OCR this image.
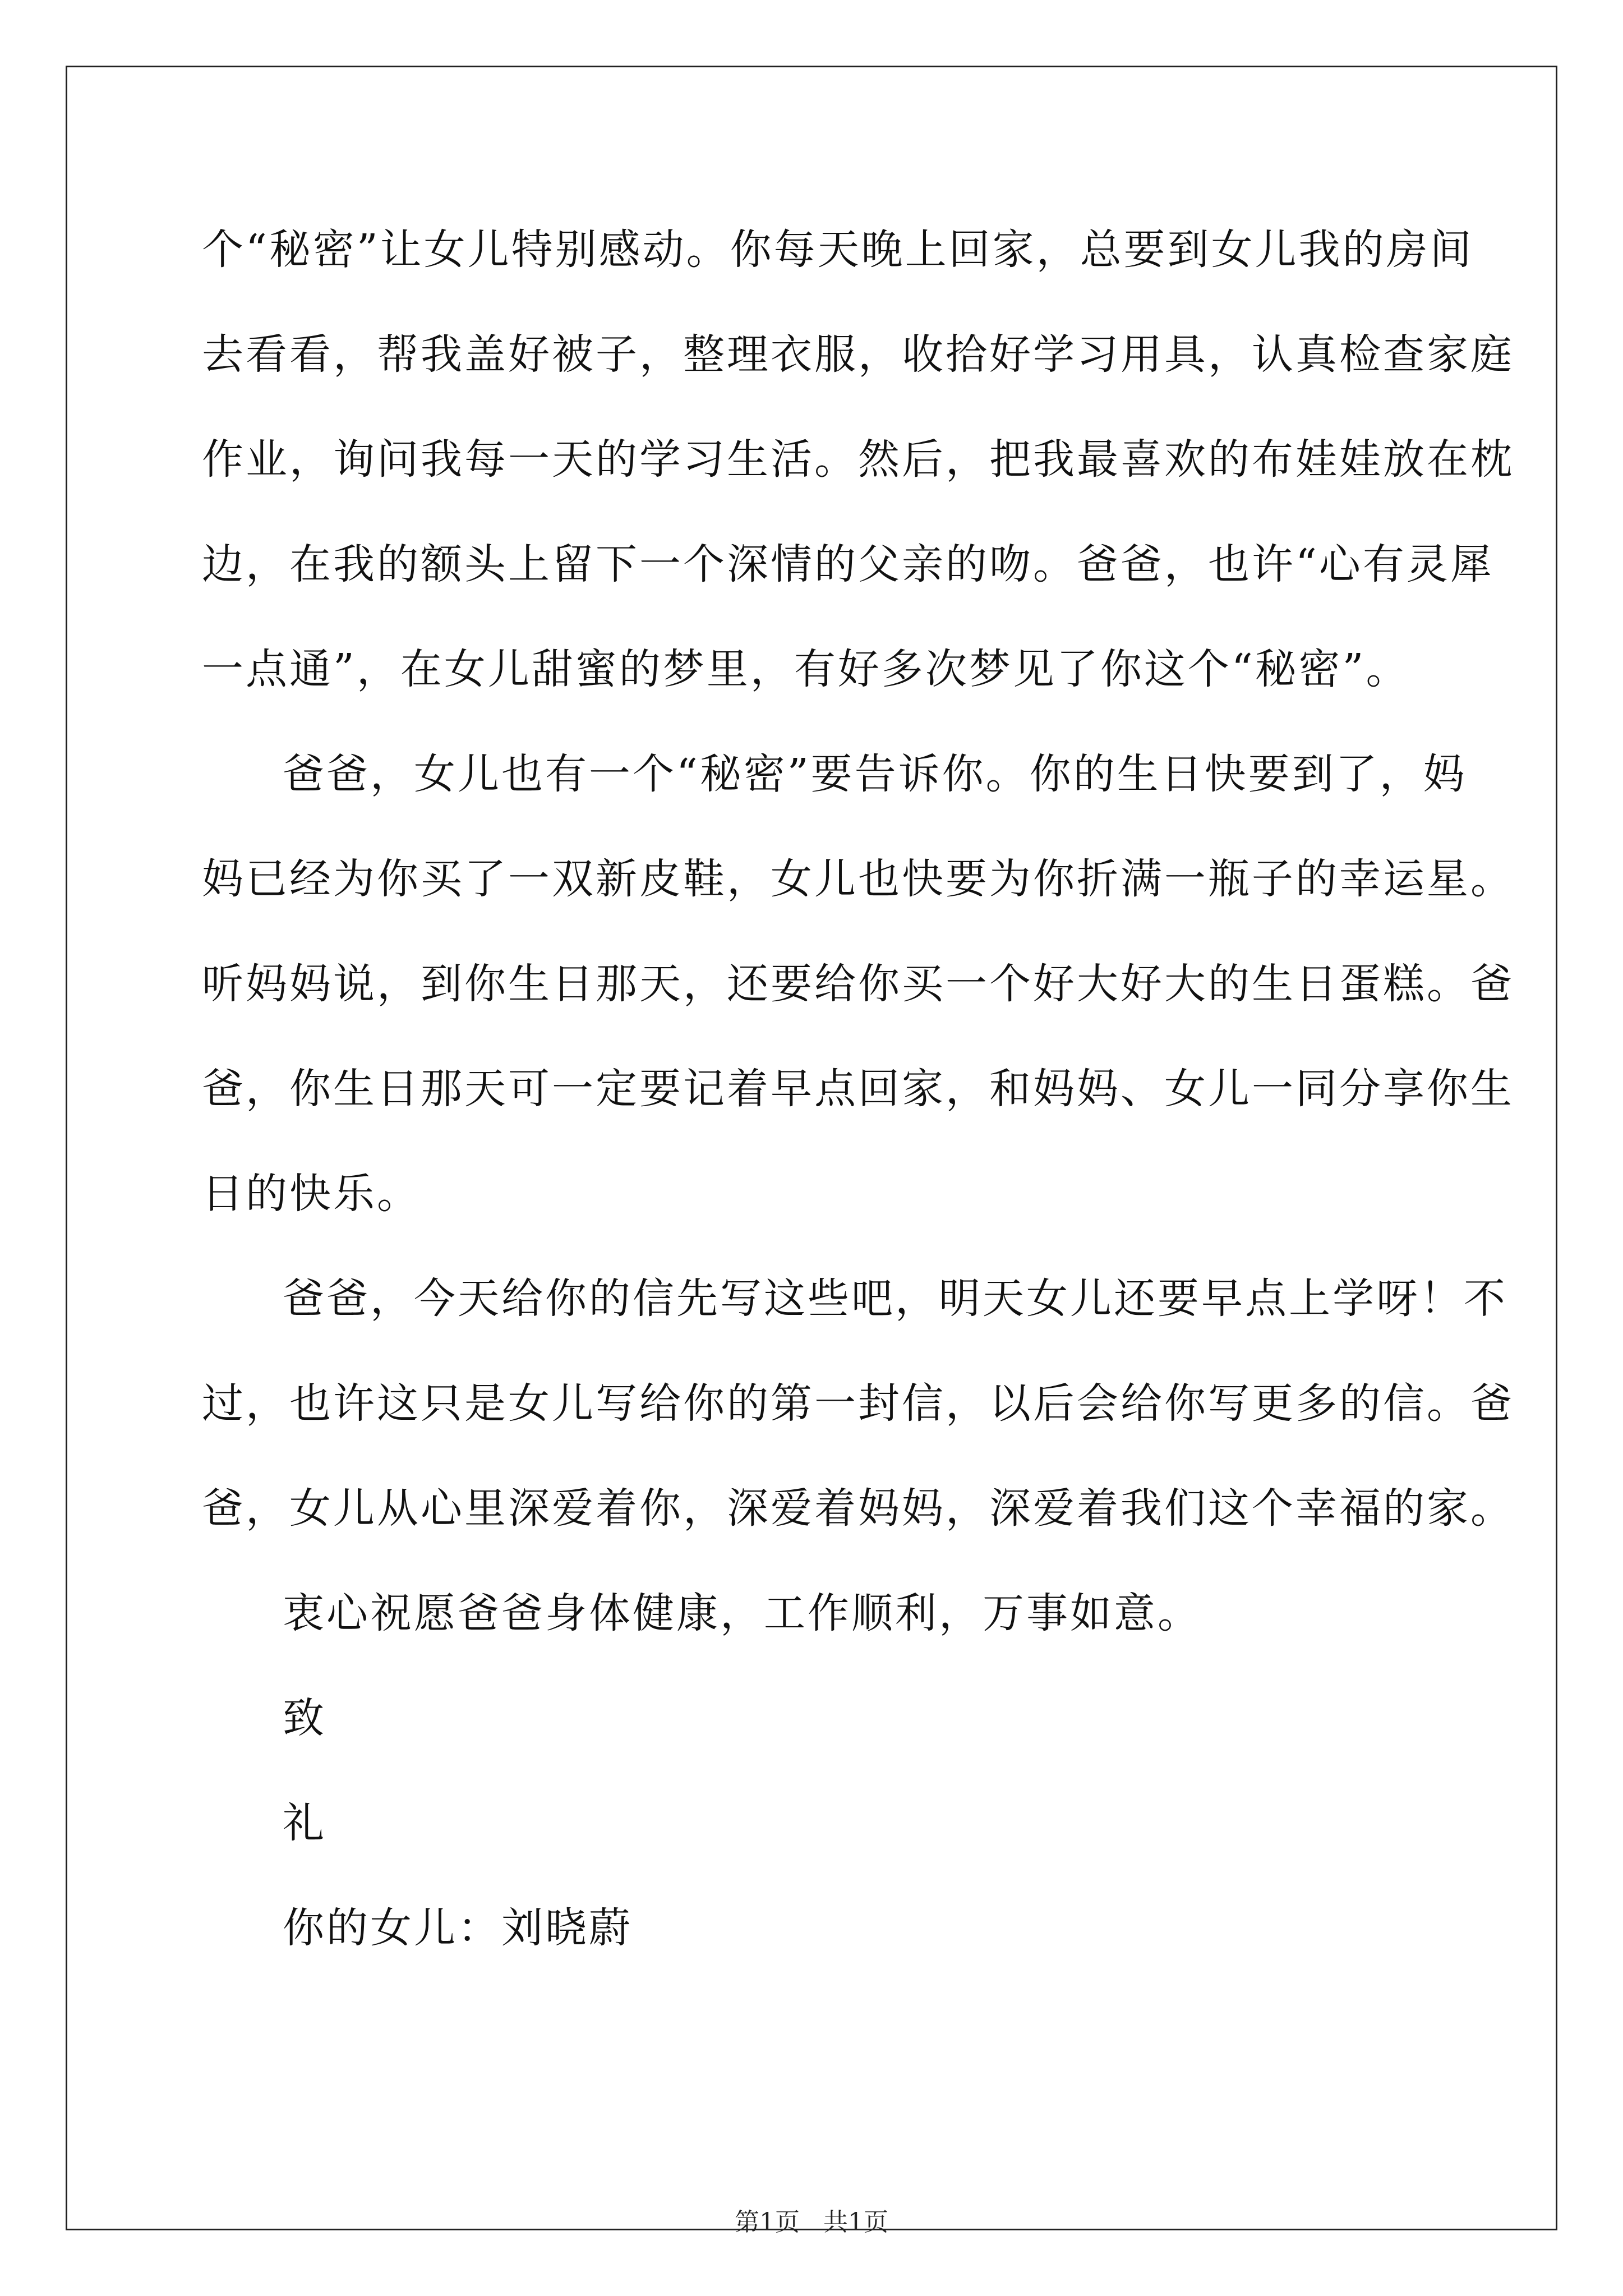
个“秘密”让女儿特别感动。你每天晚上回家，总要到女儿我的房间
去看看，帮我盖好被子，整理衣服，收拾好学习用具，认真检查家庭
作业，询问我每一天的学习生活。然后，把我最喜欢的布娃娃放在枕
边，在我的额头上留下一个深情的父亲的吻。爸爸，也许“心有灵犀
一点通”，在女儿甜蜜的梦里，有好多次梦见了你这个“秘密”。
爸爸，女儿也有一个“秘密”要告诉你。你的生日快要到了，妈
妈已经为你买了一双新皮鞋，女儿也快要为你折满一瓶子的幸运星。
听妈妈说，到你生日那天，还要给你买一个好大好大的生日蛋糕。爸
爸，你生日那天可一定要记着早点回家，和妈妈、女儿一同分享你生
日的快乐。
爸爸，今天给你的信先写这些吧，明天女儿还要早点上学呀！不
过，也许这只是女儿写给你的第一封信，以后会给你写更多的信。爸
爸，女儿从心里深爱着你，深爱着妈妈，深爱着我们这个幸福的家。
衷心祝愿爸爸身体健康，工作顺利，万事如意。
致
礼
你的女儿：刘晓蔚
第1页 共1页
